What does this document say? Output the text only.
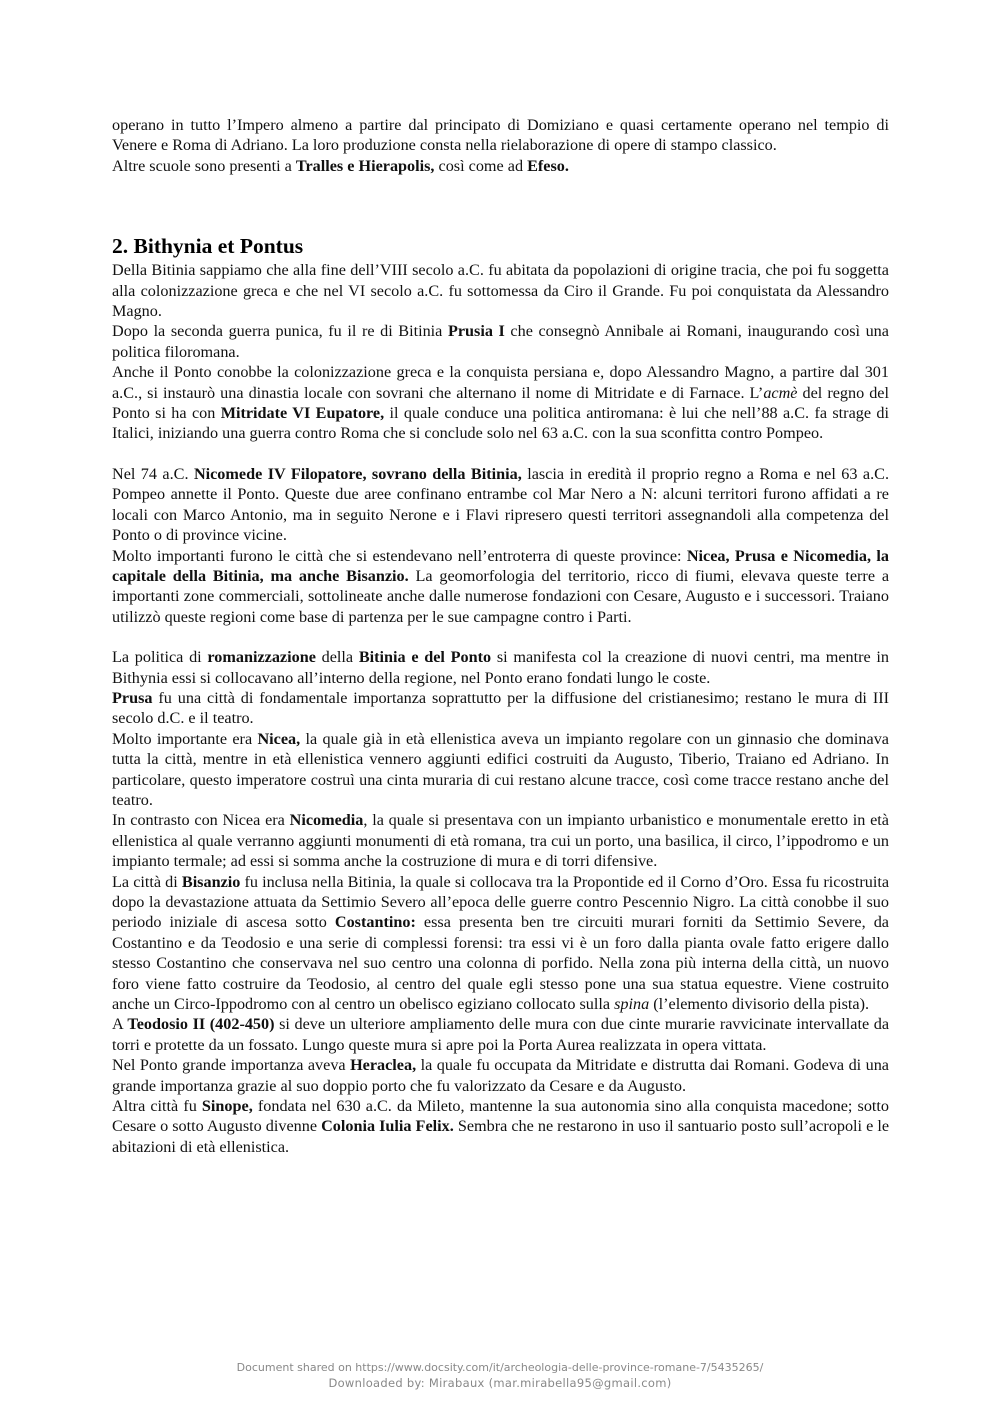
operano in tutto l’Impero almeno a partire dal principato di Domiziano e quasi certamente operano nel tempio di Venere e Roma di Adriano. La loro produzione consta nella rielaborazione di opere di stampo classico.

Altre scuole sono presenti a Tralles e Hierapolis, così come ad Efeso.

2. Bithynia et Pontus

Della Bitinia sappiamo che alla fine dell’VIII secolo a.C. fu abitata da popolazioni di origine tracia, che poi fu soggetta alla colonizzazione greca e che nel VI secolo a.C. fu sottomessa da Ciro il Grande. Fu poi conquistata da Alessandro Magno.

Dopo la seconda guerra punica, fu il re di Bitinia Prusia I che consegnò Annibale ai Romani, inaugurando così una politica filoromana.

Anche il Ponto conobbe la colonizzazione greca e la conquista persiana e, dopo Alessandro Magno, a partire dal 301 a.C., si instaurò una dinastia locale con sovrani che alternano il nome di Mitridate e di Farnace. L’acmè del regno del Ponto si ha con Mitridate VI Eupatore, il quale conduce una politica antiromana: è lui che nell’88 a.C. fa strage di Italici, iniziando una guerra contro Roma che si conclude solo nel 63 a.C. con la sua sconfitta contro Pompeo.

Nel 74 a.C. Nicomede IV Filopatore, sovrano della Bitinia, lascia in eredità il proprio regno a Roma e nel 63 a.C. Pompeo annette il Ponto. Queste due aree confinano entrambe col Mar Nero a N: alcuni territori furono affidati a re locali con Marco Antonio, ma in seguito Nerone e i Flavi ripresero questi territori assegnandoli alla competenza del Ponto o di province vicine.

Molto importanti furono le città che si estendevano nell’entroterra di queste province: Nicea, Prusa e Nicomedia, la capitale della Bitinia, ma anche Bisanzio. La geomorfologia del territorio, ricco di fiumi, elevava queste terre a importanti zone commerciali, sottolineate anche dalle numerose fondazioni con Cesare, Augusto e i successori. Traiano utilizzò queste regioni come base di partenza per le sue campagne contro i Parti.

La politica di romanizzazione della Bitinia e del Ponto si manifesta col la creazione di nuovi centri, ma mentre in Bithynia essi si collocavano all’interno della regione, nel Ponto erano fondati lungo le coste.

Prusa fu una città di fondamentale importanza soprattutto per la diffusione del cristianesimo; restano le mura di III secolo d.C. e il teatro.

Molto importante era Nicea, la quale già in età ellenistica aveva un impianto regolare con un ginnasio che dominava tutta la città, mentre in età ellenistica vennero aggiunti edifici costruiti da Augusto, Tiberio, Traiano ed Adriano. In particolare, questo imperatore costruì una cinta muraria di cui restano alcune tracce, così come tracce restano anche del teatro.

In contrasto con Nicea era Nicomedia, la quale si presentava con un impianto urbanistico e monumentale eretto in età ellenistica al quale verranno aggiunti monumenti di età romana, tra cui un porto, una basilica, il circo, l’ippodromo e un impianto termale; ad essi si somma anche la costruzione di mura e di torri difensive.

La città di Bisanzio fu inclusa nella Bitinia, la quale si collocava tra la Propontide ed il Corno d’Oro. Essa fu ricostruita dopo la devastazione attuata da Settimio Severo all’epoca delle guerre contro Pescennio Nigro. La città conobbe il suo periodo iniziale di ascesa sotto Costantino: essa presenta ben tre circuiti murari forniti da Settimio Severe, da Costantino e da Teodosio e una serie di complessi forensi: tra essi vi è un foro dalla pianta ovale fatto erigere dallo stesso Costantino che conservava nel suo centro una colonna di porfido. Nella zona più interna della città, un nuovo foro viene fatto costruire da Teodosio, al centro del quale egli stesso pone una sua statua equestre. Viene costruito anche un Circo-Ippodromo con al centro un obelisco egiziano collocato sulla spina (l’elemento divisorio della pista).

A Teodosio II (402-450) si deve un ulteriore ampliamento delle mura con due cinte murarie ravvicinate intervallate da torri e protette da un fossato. Lungo queste mura si apre poi la Porta Aurea realizzata in opera vittata.

Nel Ponto grande importanza aveva Heraclea, la quale fu occupata da Mitridate e distrutta dai Romani. Godeva di una grande importanza grazie al suo doppio porto che fu valorizzato da Cesare e da Augusto.

Altra città fu Sinope, fondata nel 630 a.C. da Mileto, mantenne la sua autonomia sino alla conquista macedone; sotto Cesare o sotto Augusto divenne Colonia Iulia Felix. Sembra che ne restarono in uso il santuario posto sull’acropoli e le abitazioni di età ellenistica.

Document shared on https://www.docsity.com/it/archeologia-delle-province-romane-7/5435265/
Downloaded by: Mirabaux (mar.mirabella95@gmail.com)
